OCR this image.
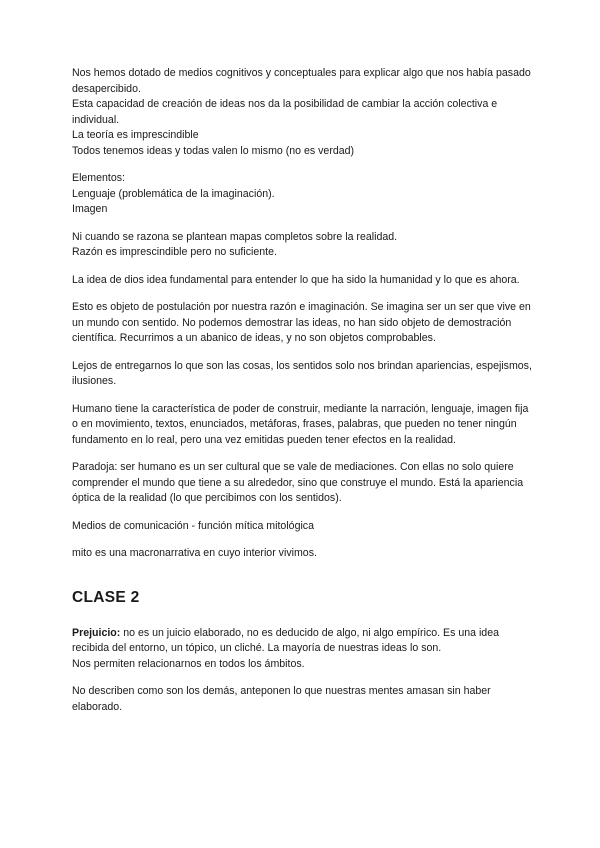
Nos hemos dotado de medios cognitivos y conceptuales para explicar algo que nos había pasado desapercibido.

Esta capacidad de creación de ideas nos da la posibilidad de cambiar la acción colectiva e individual.

La teoría es imprescindible

Todos tenemos ideas y todas valen lo mismo (no es verdad)

Elementos:

Lenguaje (problemática de la imaginación).

Imagen

Ni cuando se razona se plantean mapas completos sobre la realidad.

Razón es imprescindible pero no suficiente.

La idea de dios idea fundamental para entender lo que ha sido la humanidad y lo que es ahora.

Esto es objeto de postulación por nuestra razón e imaginación. Se imagina ser un ser que vive en un mundo con sentido. No podemos demostrar las ideas, no han sido objeto de demostración científica. Recurrimos a un abanico de ideas, y no son objetos comprobables.

Lejos de entregarnos lo que son las cosas, los sentidos solo nos brindan apariencias, espejismos, ilusiones.

Humano tiene la característica de poder de construir, mediante la narración, lenguaje, imagen fija o en movimiento, textos, enunciados, metáforas, frases, palabras, que pueden no tener ningún fundamento en lo real, pero una vez emitidas pueden tener efectos en la realidad.

Paradoja: ser humano es un ser cultural que se vale de mediaciones. Con ellas no solo quiere comprender el mundo que tiene a su alrededor, sino que construye el mundo. Está la apariencia óptica de la realidad (lo que percibimos con los sentidos).

Medios de comunicación - función mítica mitológica

mito es una macronarrativa en cuyo interior vivimos.

CLASE 2

Prejuicio: no es un juicio elaborado, no es deducido de algo, ni algo empírico. Es una idea recibida del entorno, un tópico, un cliché. La mayoría de nuestras ideas lo son.

Nos permiten relacionarnos en todos los ámbitos.

No describen como son los demás, anteponen lo que nuestras mentes amasan sin haber elaborado.
